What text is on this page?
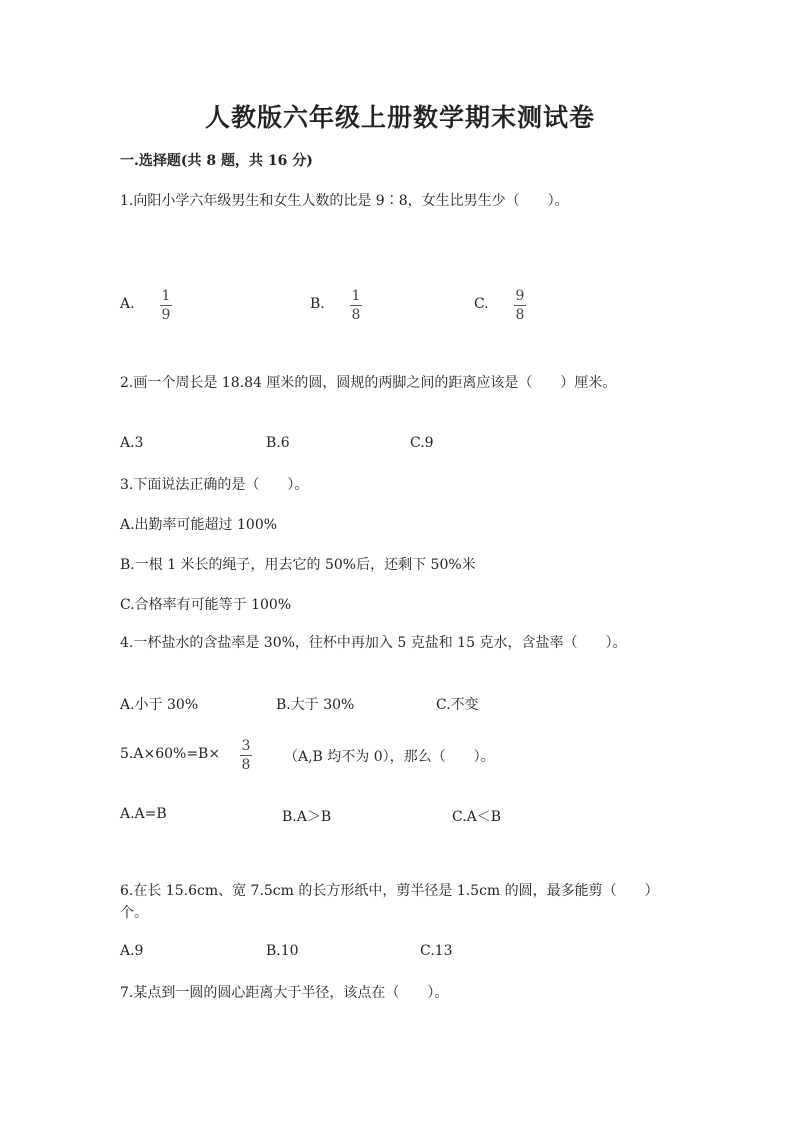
人教版六年级上册数学期末测试卷
一.选择题(共 8 题，共 16 分)
1.向阳小学六年级男生和女生人数的比是 9∶8，女生比男生少（　　）。
A. 1
9
B. 1
8
C. 9
8
2.画一个周长是 18.84 厘米的圆，圆规的两脚之间的距离应该是（　　）厘米。
A.3	B.6	C.9
3.下面说法正确的是（　　）。
A.出勤率可能超过 100%
B.一根 1 米长的绳子，用去它的 50%后，还剩下 50%米
C.合格率有可能等于 100%
4.一杯盐水的含盐率是 30%，往杯中再加入 5 克盐和 15 克水，含盐率（　　）。
A.小于 30%	B.大于 30%	C.不变
5.A×60%=B× 3
8 （A,B 均不为 0），那么（　　）。
A.A=B	B.A＞B	C.A＜B
6.在长 15.6cm、宽 7.5cm 的长方形纸中，剪半径是 1.5cm 的圆，最多能剪（　　）个。
A.9	B.10	C.13
7.某点到一圆的圆心距离大于半径，该点在（　　）。
